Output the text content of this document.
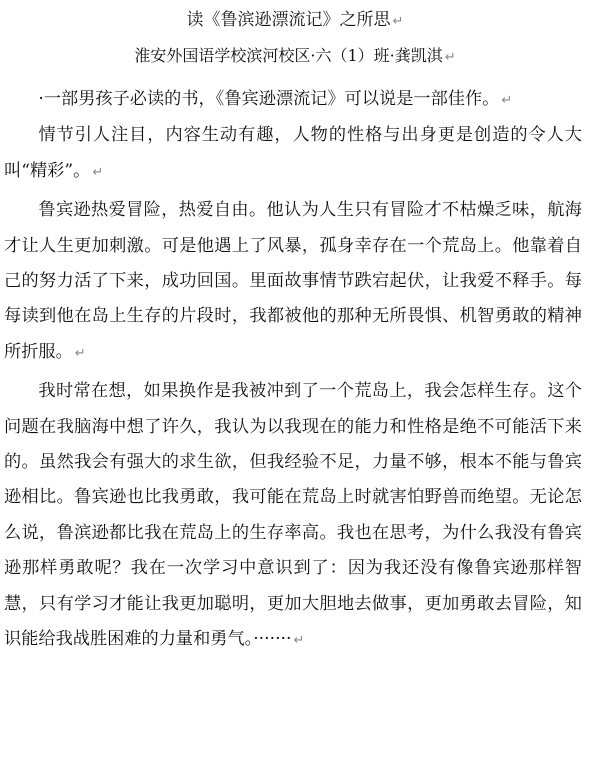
读《鲁滨逊漂流记》之所思 ↵
淮安外国语学校滨河校区·六（1）班·龚凯淇 ↵

·一部男孩子必读的书，《鲁宾逊漂流记》可以说是一部佳作。 ↵

情节引人注目，内容生动有趣，人物的性格与出身更是创造的令人大叫“精彩”。 ↵

鲁宾逊热爱冒险，热爱自由。他认为人生只有冒险才不枯燥乏味，航海才让人生更加刺激。可是他遇上了风暴，孤身幸存在一个荒岛上。他靠着自己的努力活了下来，成功回国。里面故事情节跌宕起伏，让我爱不释手。每每读到他在岛上生存的片段时，我都被他的那种无所畏惧、机智勇敢的精神所折服。 ↵

我时常在想，如果换作是我被冲到了一个荒岛上，我会怎样生存。这个问题在我脑海中想了许久，我认为以我现在的能力和性格是绝不可能活下来的。虽然我会有强大的求生欲，但我经验不足，力量不够，根本不能与鲁宾逊相比。鲁宾逊也比我勇敢，我可能在荒岛上时就害怕野兽而绝望。无论怎么说，鲁滨逊都比我在荒岛上的生存率高。我也在思考，为什么我没有鲁宾逊那样勇敢呢？我在一次学习中意识到了：因为我还没有像鲁宾逊那样智慧，只有学习才能让我更加聪明，更加大胆地去做事，更加勇敢去冒险，知识能给我战胜困难的力量和勇气。······· ↵
